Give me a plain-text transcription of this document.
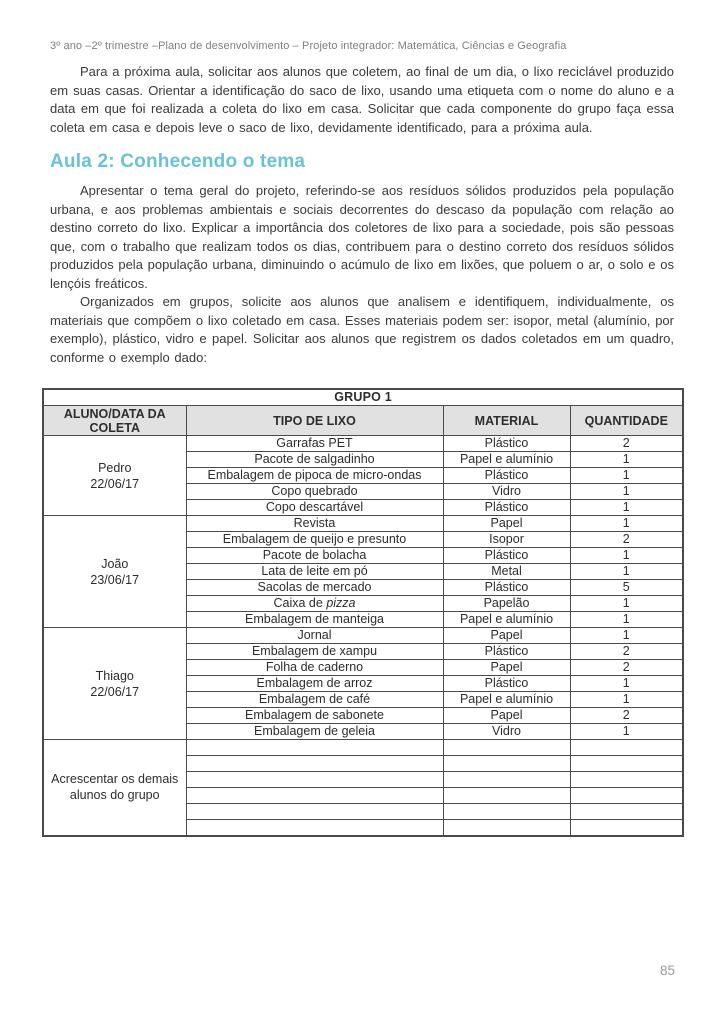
3º ano –2º trimestre –Plano de desenvolvimento – Projeto integrador: Matemática, Ciências e Geografia

Para a próxima aula, solicitar aos alunos que coletem, ao final de um dia, o lixo reciclável produzido em suas casas. Orientar a identificação do saco de lixo, usando uma etiqueta com o nome do aluno e a data em que foi realizada a coleta do lixo em casa. Solicitar que cada componente do grupo faça essa coleta em casa e depois leve o saco de lixo, devidamente identificado, para a próxima aula.

Aula 2: Conhecendo o tema

Apresentar o tema geral do projeto, referindo-se aos resíduos sólidos produzidos pela população urbana, e aos problemas ambientais e sociais decorrentes do descaso da população com relação ao destino correto do lixo. Explicar a importância dos coletores de lixo para a sociedade, pois são pessoas que, com o trabalho que realizam todos os dias, contribuem para o destino correto dos resíduos sólidos produzidos pela população urbana, diminuindo o acúmulo de lixo em lixões, que poluem o ar, o solo e os lençóis freáticos.

Organizados em grupos, solicite aos alunos que analisem e identifiquem, individualmente, os materiais que compõem o lixo coletado em casa. Esses materiais podem ser: isopor, metal (alumínio, por exemplo), plástico, vidro e papel. Solicitar aos alunos que registrem os dados coletados em um quadro, conforme o exemplo dado:

GRUPO 1			
ALUNO/DATA DA COLETA	TIPO DE LIXO	MATERIAL	QUANTIDADE

Pedro
22/06/17	Garrafas PET	Plástico	2
	Pacote de salgadinho	Papel e alumínio	1
	Embalagem de pipoca de micro-ondas	Plástico	1
	Copo quebrado	Vidro	1
	Copo descartável	Plástico	1

João
23/06/17	Revista	Papel	1
	Embalagem de queijo e presunto	Isopor	2
	Pacote de bolacha	Plástico	1
	Lata de leite em pó	Metal	1
	Sacolas de mercado	Plástico	5
	Caixa de pizza	Papelão	1
	Embalagem de manteiga	Papel e alumínio	1

Thiago
22/06/17	Jornal	Papel	1
	Embalagem de xampu	Plástico	2
	Folha de caderno	Papel	2
	Embalagem de arroz	Plástico	1
	Embalagem de café	Papel e alumínio	1
	Embalagem de sabonete	Papel	2
	Embalagem de geleia	Vidro	1

Acrescentar os demais alunos do grupo			

85
